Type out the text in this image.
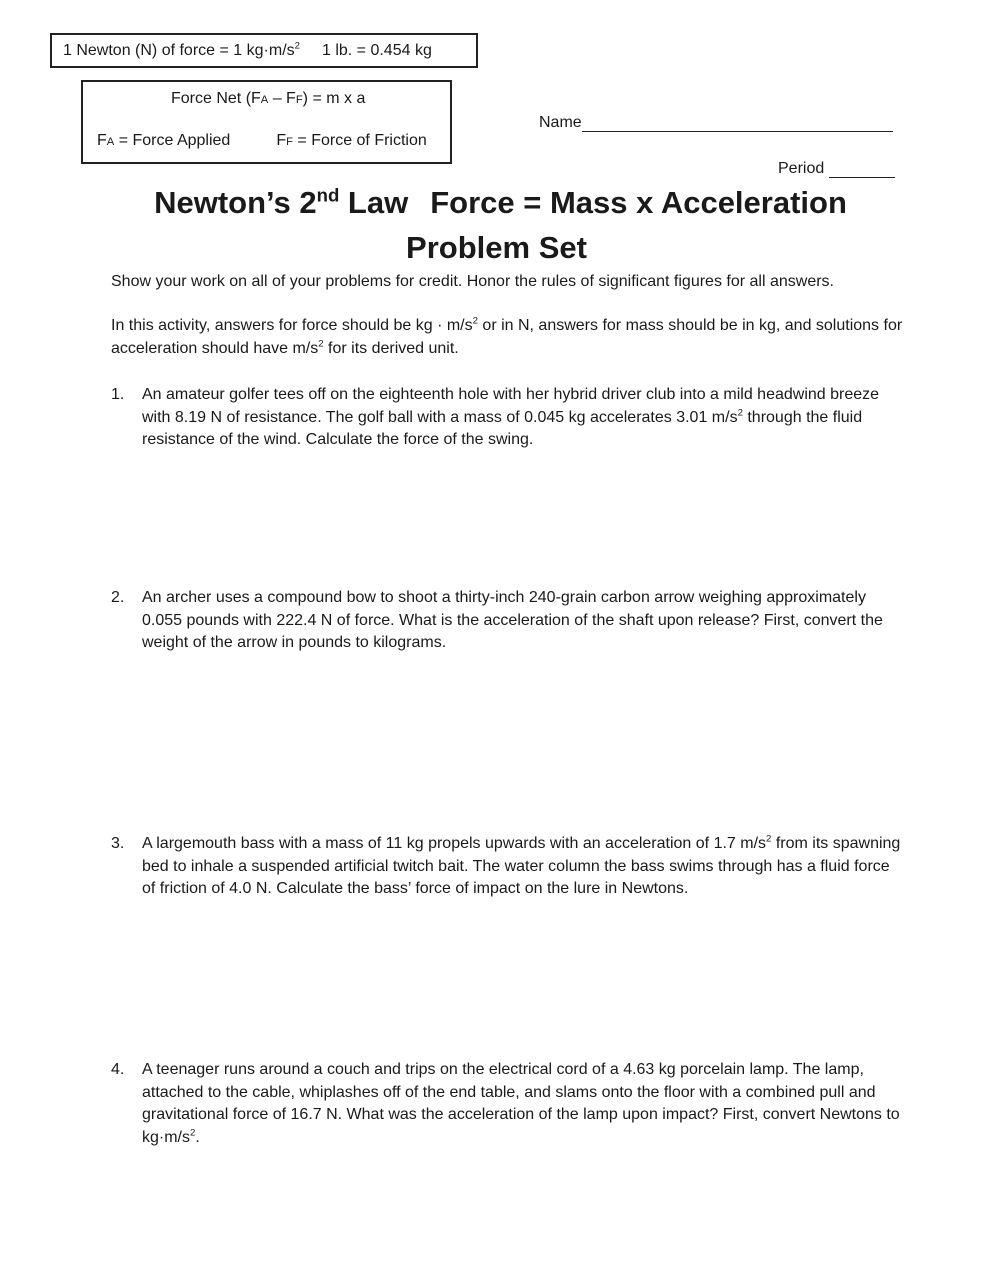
1 Newton (N) of force = 1 $kg\cdot m/s^2$ 1 lb. = 0.454 kg
Force Net (FA – FF) = m x a
FA = Force Applied	FF = Force of Friction
Name
Period
Newton’s 2nd Law Force = Mass x Acceleration
Problem Set
Show your work on all of your problems for credit. Honor the rules of significant figures for all answers.
In this activity, answers for force should be kg · $m/s^2$ or in N, answers for mass should be in kg, and solutions for acceleration should have $m/s^2$ for its derived unit.
1. An amateur golfer tees off on the eighteenth hole with her hybrid driver club into a mild headwind breeze with 8.19 N of resistance. The golf ball with a mass of 0.045 kg accelerates 3.01 $m/s^2$ through the fluid resistance of the wind. Calculate the force of the swing.
2. An archer uses a compound bow to shoot a thirty-inch 240-grain carbon arrow weighing approximately 0.055 pounds with 222.4 N of force. What is the acceleration of the shaft upon release? First, convert the weight of the arrow in pounds to kilograms.
3. A largemouth bass with a mass of 11 kg propels upwards with an acceleration of 1.7 $m/s^2$ from its spawning bed to inhale a suspended artificial twitch bait. The water column the bass swims through has a fluid force of friction of 4.0 N. Calculate the bass’ force of impact on the lure in Newtons.
4. A teenager runs around a couch and trips on the electrical cord of a 4.63 kg porcelain lamp. The lamp, attached to the cable, whiplashes off of the end table, and slams onto the floor with a combined pull and gravitational force of 16.7 N. What was the acceleration of the lamp upon impact? First, convert Newtons to $kg\cdot m/s^2$.
